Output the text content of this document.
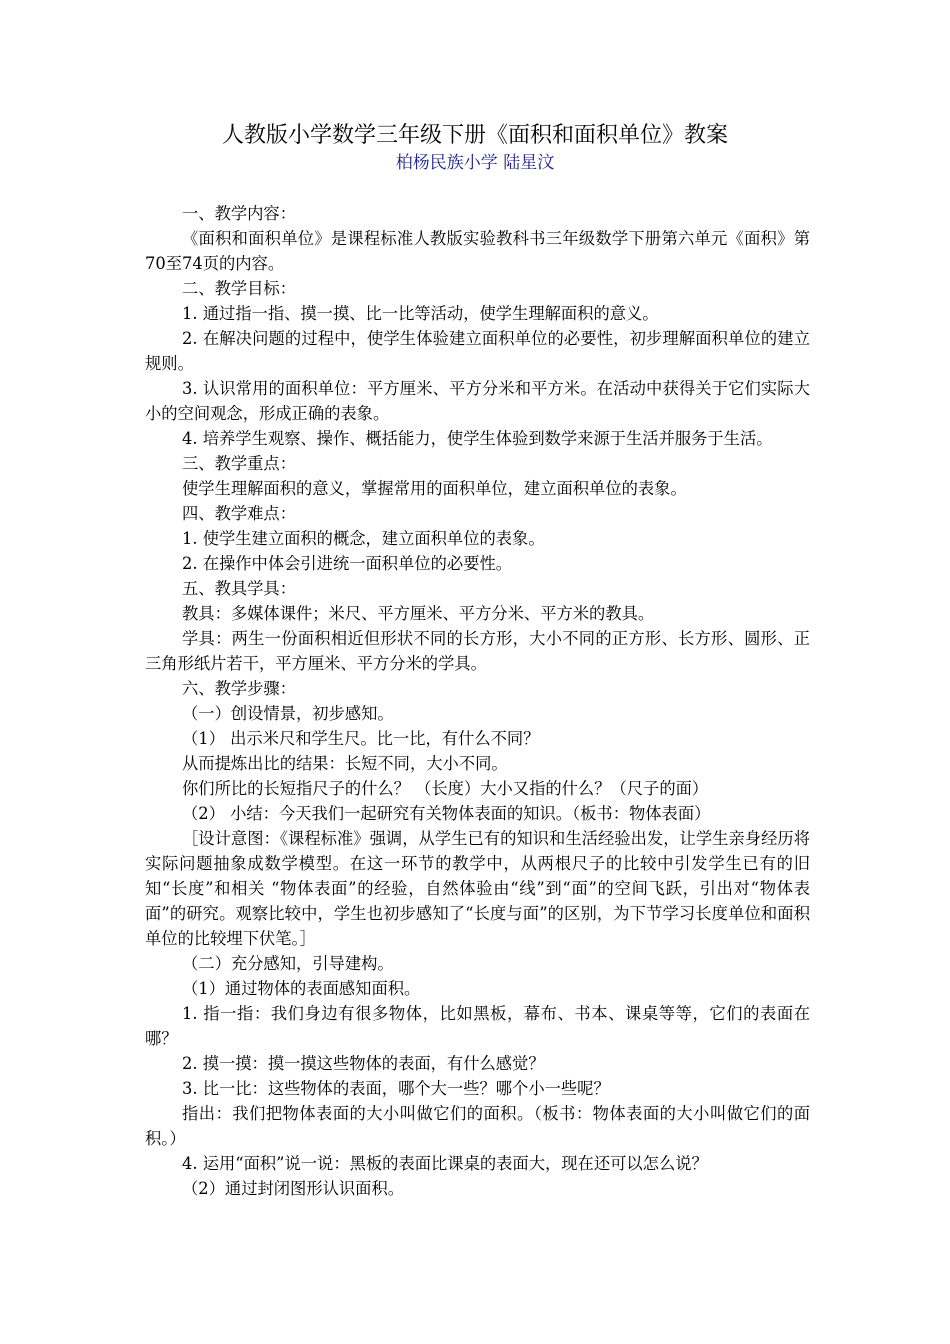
人教版小学数学三年级下册《面积和面积单位》教案
柏杨民族小学 陆星汶

一、教学内容：

《面积和面积单位》是课程标准人教版实验教科书三年级数学下册第六单元《面积》第70至74页的内容。

二、教学目标：

1. 通过指一指、摸一摸、比一比等活动，使学生理解面积的意义。

2. 在解决问题的过程中，使学生体验建立面积单位的必要性，初步理解面积单位的建立规则。

3. 认识常用的面积单位：平方厘米、平方分米和平方米。在活动中获得关于它们实际大小的空间观念，形成正确的表象。

4. 培养学生观察、操作、概括能力，使学生体验到数学来源于生活并服务于生活。

三、教学重点：

使学生理解面积的意义，掌握常用的面积单位，建立面积单位的表象。

四、教学难点：

1. 使学生建立面积的概念，建立面积单位的表象。

2. 在操作中体会引进统一面积单位的必要性。

五、教具学具：

教具：多媒体课件；米尺、平方厘米、平方分米、平方米的教具。

学具：两生一份面积相近但形状不同的长方形，大小不同的正方形、长方形、圆形、正三角形纸片若干，平方厘米、平方分米的学具。

六、教学步骤：

（一）创设情景，初步感知。

（1） 出示米尺和学生尺。比一比，有什么不同？

从而提炼出比的结果：长短不同，大小不同。

你们所比的长短指尺子的什么？ （长度）大小又指的什么？（尺子的面）

（2） 小结：今天我们一起研究有关物体表面的知识。（板书：物体表面）

［设计意图：《课程标准》强调，从学生已有的知识和生活经验出发，让学生亲身经历将实际问题抽象成数学模型。在这一环节的教学中，从两根尺子的比较中引发学生已有的旧知“长度”和相关 “物体表面”的经验，自然体验由“线”到“面”的空间飞跃，引出对“物体表面”的研究。观察比较中，学生也初步感知了“长度与面”的区别，为下节学习长度单位和面积单位的比较埋下伏笔。］

（二）充分感知，引导建构。

（1）通过物体的表面感知面积。

1. 指一指：我们身边有很多物体，比如黑板，幕布、书本、课桌等等，它们的表面在哪？

2. 摸一摸：摸一摸这些物体的表面，有什么感觉？

3. 比一比：这些物体的表面，哪个大一些？哪个小一些呢？

指出：我们把物体表面的大小叫做它们的面积。（板书：物体表面的大小叫做它们的面积。）

4. 运用“面积”说一说：黑板的表面比课桌的表面大，现在还可以怎么说？

（2）通过封闭图形认识面积。
